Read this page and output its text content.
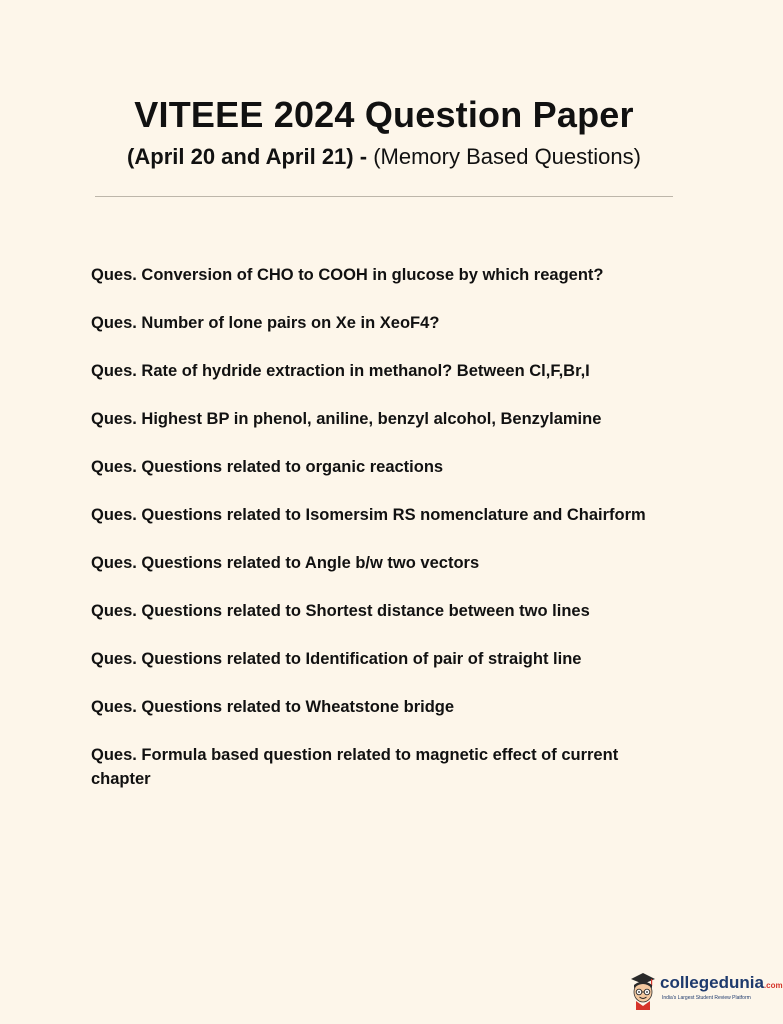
VITEEE 2024 Question Paper

(April 20 and April 21) - (Memory Based Questions)

Ques. Conversion of CHO to COOH in glucose by which reagent?
Ques. Number of lone pairs on Xe in XeoF4?
Ques. Rate of hydride extraction in methanol? Between Cl,F,Br,I
Ques. Highest BP in phenol, aniline, benzyl alcohol, Benzylamine
Ques. Questions related to organic reactions
Ques. Questions related to Isomersim RS nomenclature and Chairform
Ques. Questions related to Angle b/w two vectors
Ques. Questions related to Shortest distance between two lines
Ques. Questions related to Identification of pair of straight line
Ques. Questions related to Wheatstone bridge
Ques. Formula based question related to magnetic effect of current chapter
collegedunia.com
India's Largest Student Review Platform
